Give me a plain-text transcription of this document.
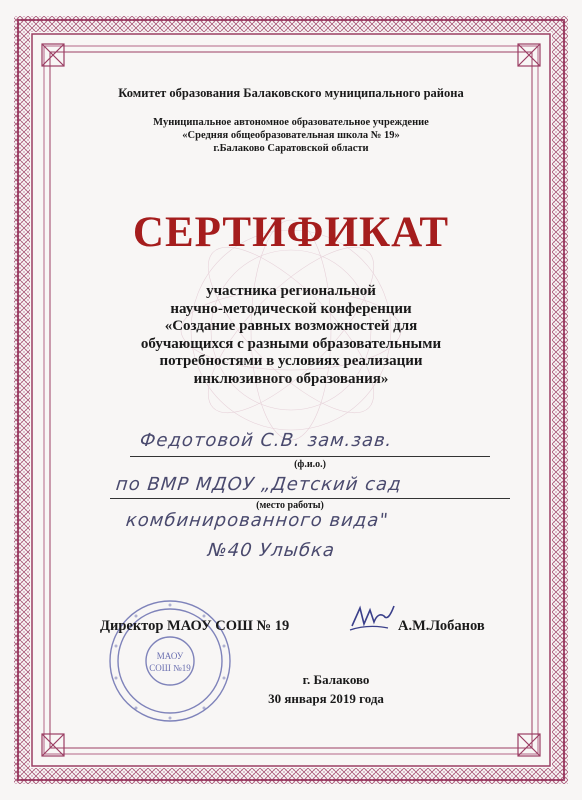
Комитет образования Балаковского муниципального района
Муниципальное автономное образовательное учреждение
«Средняя общеобразовательная школа № 19»
г.Балаково Саратовской области
СЕРТИФИКАТ
участника региональной
научно-методической конференции
«Создание равных возможностей для
обучающихся с разными образовательными
потребностями в условиях реализации
инклюзивного образования»
Федотовой С.В. зам.зав.
(ф.и.о.)
по ВМР МДОУ „Детский сад
(место работы)
комбинированного вида"
№40 Улыбка
МАОУ
СОШ №19
Директор МАОУ СОШ № 19	А.М.Лобанов
г. Балаково
30 января 2019 года
